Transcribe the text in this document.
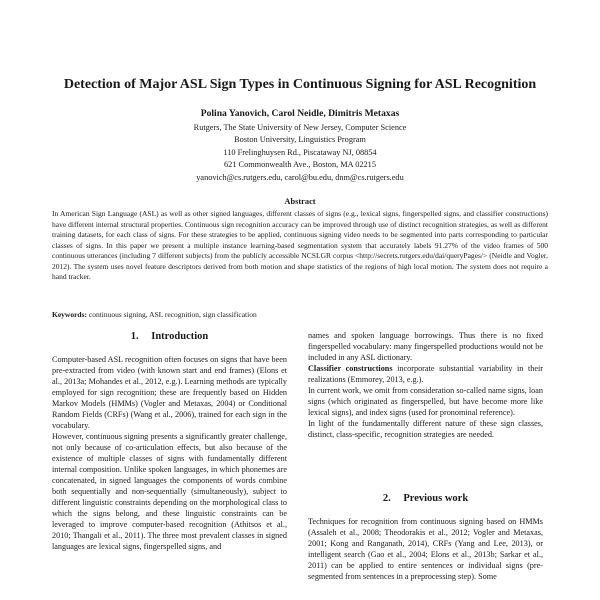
Detection of Major ASL Sign Types in Continuous Signing for ASL Recognition
Polina Yanovich, Carol Neidle, Dimitris Metaxas
Rutgers, The State University of New Jersey, Computer Science
Boston University, Linguistics Program
110 Frelinghuysen Rd., Piscataway NJ, 08854
621 Commonwealth Ave., Boston, MA 02215
yanovich@cs.rutgers.edu, carol@bu.edu, dnm@cs.rutgers.edu
Abstract
In American Sign Language (ASL) as well as other signed languages, different classes of signs (e.g., lexical signs, fingerspelled signs, and classifier constructions) have different internal structural properties. Continuous sign recognition accuracy can be improved through use of distinct recognition strategies, as well as different training datasets, for each class of signs. For these strategies to be applied, continuous signing video needs to be segmented into parts corresponding to particular classes of signs. In this paper we present a multiple instance learning-based segmentation system that accurately labels 91.27% of the video frames of 500 continuous utterances (including 7 different subjects) from the publicly accessible NCSLGR corpus <http://secrets.rutgers.edu/dai/queryPages/> (Neidle and Vogler, 2012). The system uses novel feature descriptors derived from both motion and shape statistics of the regions of high local motion. The system does not require a hand tracker.
Keywords: continuous signing, ASL recognition, sign classification
1. Introduction

Computer-based ASL recognition often focuses on signs that have been pre-extracted from video (with known start and end frames) (Elons et al., 2013a; Mohandes et al., 2012, e.g.). Learning methods are typically employed for sign recognition; these are frequently based on Hidden Markov Models (HMMs) (Vogler and Metaxas, 2004) or Conditional Random Fields (CRFs) (Wang et al., 2006), trained for each sign in the vocabulary.

However, continuous signing presents a significantly greater challenge, not only because of co-articulation effects, but also because of the existence of multiple classes of signs with fundamentally different internal composition. Unlike spoken languages, in which phonemes are concatenated, in signed languages the components of words combine both sequentially and non-sequentially (simultaneously), subject to different linguistic constraints depending on the morphological class to which the signs belong, and these linguistic constraints can be leveraged to improve computer-based recognition (Athitsos et al., 2010; Thangali et al., 2011). The three most prevalent classes in signed languages are lexical signs, fingerspelled signs, and

names and spoken language borrowings. Thus there is no fixed fingerspelled vocabulary: many fingerspelled productions would not be included in any ASL dictionary.

Classifier constructions incorporate substantial variability in their realizations (Emmorey, 2013, e.g.).

In current work, we omit from consideration so-called name signs, loan signs (which originated as fingerspelled, but have become more like lexical signs), and index signs (used for pronominal reference).

In light of the fundamentally different nature of these sign classes, distinct, class-specific, recognition strategies are needed.

2. Previous work

Techniques for recognition from continuous signing based on HMMs (Assaleh et al., 2008; Theodorakis et al., 2012; Vogler and Metaxas, 2001; Kong and Ranganath, 2014), CRFs (Yang and Lee, 2013), or intelligent search (Gao et al., 2004; Elons et al., 2013b; Sarkar et al., 2011) can be applied to entire sentences or individual signs (pre-segmented from sentences in a preprocessing step). Some
